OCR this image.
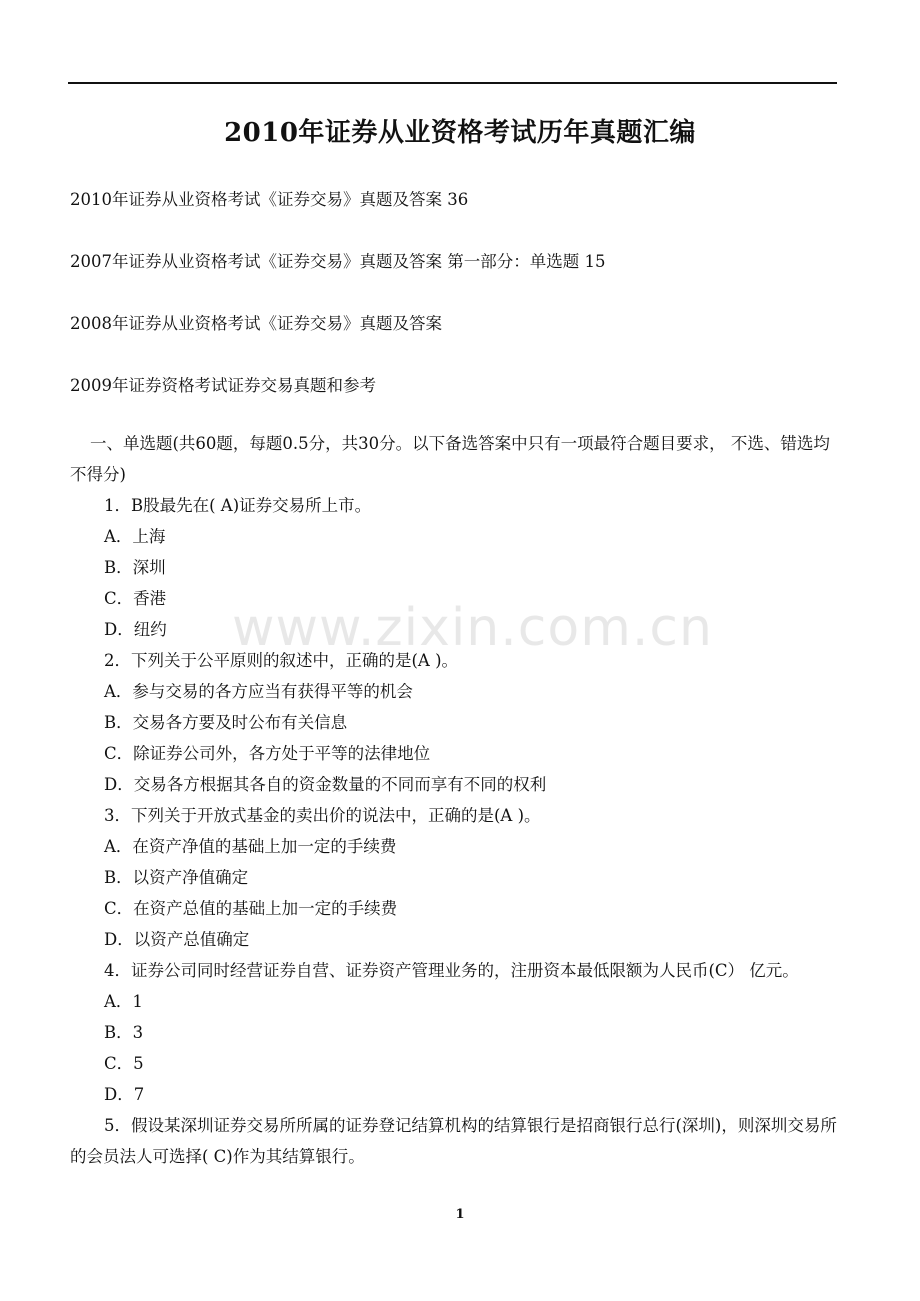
2010年证券从业资格考试历年真题汇编
2010年证券从业资格考试《证券交易》真题及答案 36
2007年证券从业资格考试《证券交易》真题及答案 第一部分：单选题 15
2008年证券从业资格考试《证券交易》真题及答案
2009年证券资格考试证券交易真题和参考

一、单选题(共60题，每题0.5分，共30分。以下备选答案中只有一项最符合题目要求， 不选、错选均不得分)

1．B股最先在( A)证券交易所上市。

A．上海

B．深圳

C．香港

D．纽约

2．下列关于公平原则的叙述中，正确的是(A )。

A．参与交易的各方应当有获得平等的机会

B．交易各方要及时公布有关信息

C．除证券公司外，各方处于平等的法律地位

D．交易各方根据其各自的资金数量的不同而享有不同的权利

3．下列关于开放式基金的卖出价的说法中，正确的是(A )。

A．在资产净值的基础上加一定的手续费

B．以资产净值确定

C．在资产总值的基础上加一定的手续费

D．以资产总值确定

4．证券公司同时经营证券自营、证券资产管理业务的，注册资本最低限额为人民币(C） 亿元。

A．1

B．3

C．5

D．7

5．假设某深圳证券交易所所属的证券登记结算机构的结算银行是招商银行总行(深圳)，则深圳交易所的会员法人可选择( C)作为其结算银行。

www.zixin.com.cn
1
